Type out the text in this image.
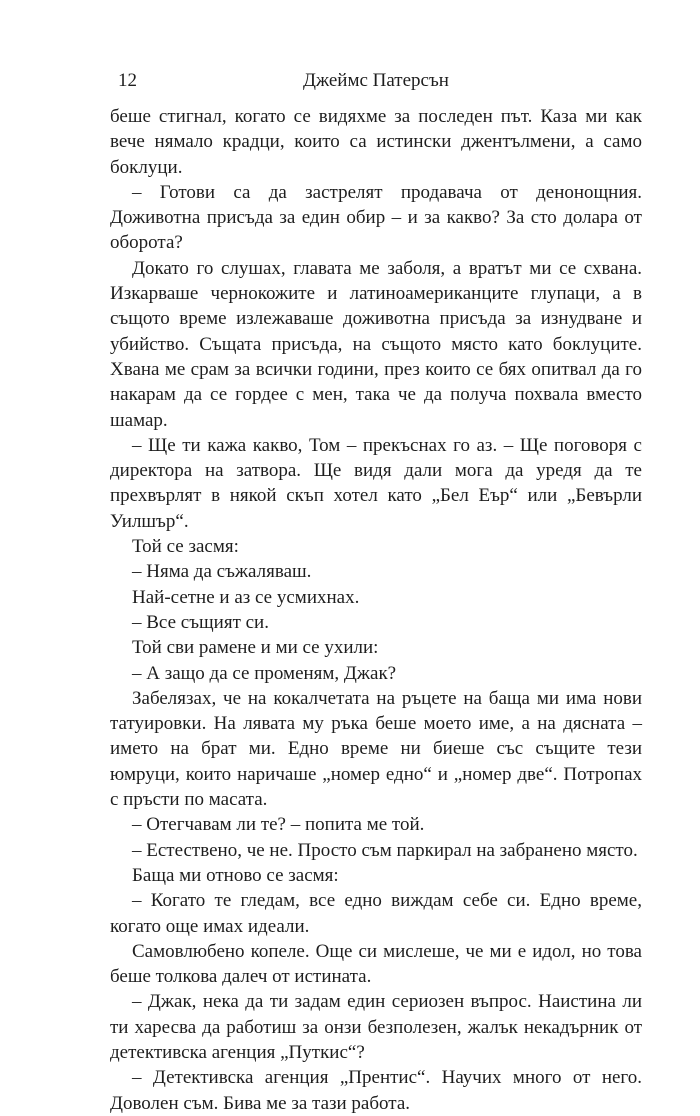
12	Джеймс Патерсън

беше стигнал, когато се видяхме за последен път. Каза ми как вече нямало крадци, които са истински джентълмени, а само боклуци.

– Готови са да застрелят продавача от денонощния. Доживотна присъда за един обир – и за какво? За сто долара от оборота?

Докато го слушах, главата ме заболя, а вратът ми се схвана. Изкарваше чернокожите и латиноамериканците глупаци, а в същото време излежаваше доживотна присъда за изнудване и убийство. Същата присъда, на същото място като боклуците. Хвана ме срам за всички години, през които се бях опитвал да го накарам да се гордее с мен, така че да получа похвала вместо шамар.

– Ще ти кажа какво, Том – прекъснах го аз. – Ще поговоря с директора на затвора. Ще видя дали мога да уредя да те прехвърлят в някой скъп хотел като „Бел Еър“ или „Бевърли Уилшър“.

Той се засмя:

– Няма да съжаляваш.

Най-сетне и аз се усмихнах.

– Все същият си.

Той сви рамене и ми се ухили:

– А защо да се променям, Джак?

Забелязах, че на кокалчетата на ръцете на баща ми има нови татуировки. На лявата му ръка беше моето име, а на дясната – името на брат ми. Едно време ни биеше със същите тези юмруци, които наричаше „номер едно“ и „номер две“. Потропах с пръсти по масата.

– Отегчавам ли те? – попита ме той.

– Естествено, че не. Просто съм паркирал на забранено място.

Баща ми отново се засмя:

– Когато те гледам, все едно виждам себе си. Едно време, когато още имах идеали.

Самовлюбено копеле. Още си мислеше, че ми е идол, но това беше толкова далеч от истината.

– Джак, нека да ти задам един сериозен въпрос. Наистина ли ти харесва да работиш за онзи безполезен, жалък некадърник от детективска агенция „Путкис“?

– Детективска агенция „Прентис“. Научих много от него. Доволен съм. Бива ме за тази работа.
